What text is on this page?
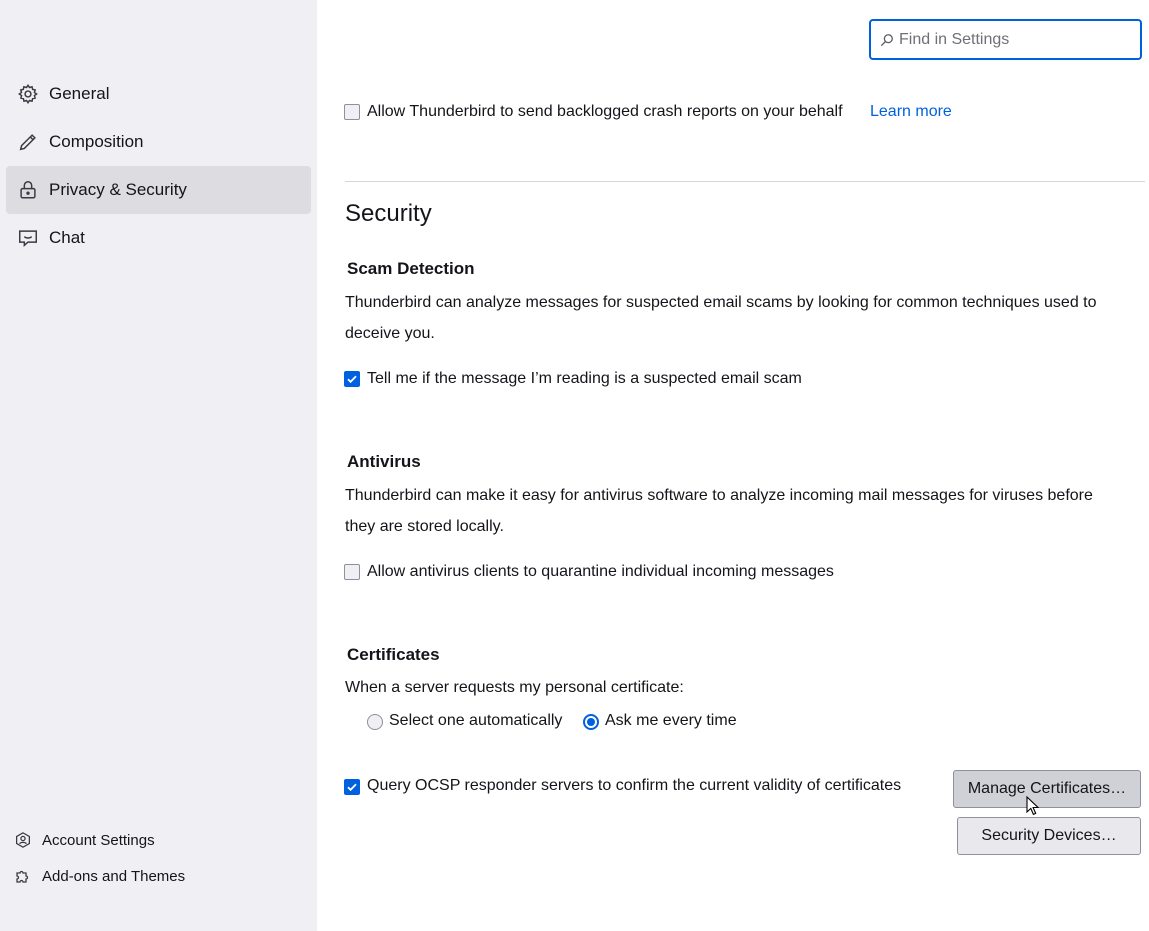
General
Composition
Privacy & Security
Chat
Account Settings
Add-ons and Themes
Find in Settings
Allow Thunderbird to send backlogged crash reports on your behalf Learn more
Security
Scam Detection
Thunderbird can analyze messages for suspected email scams by looking for common techniques used to deceive you.
Tell me if the message I’m reading is a suspected email scam
Antivirus
Thunderbird can make it easy for antivirus software to analyze incoming mail messages for viruses before they are stored locally.
Allow antivirus clients to quarantine individual incoming messages
Certificates
When a server requests my personal certificate:
Select one automatically	Ask me every time
Query OCSP responder servers to confirm the current validity of certificates	Manage Certificates…
Security Devices…
